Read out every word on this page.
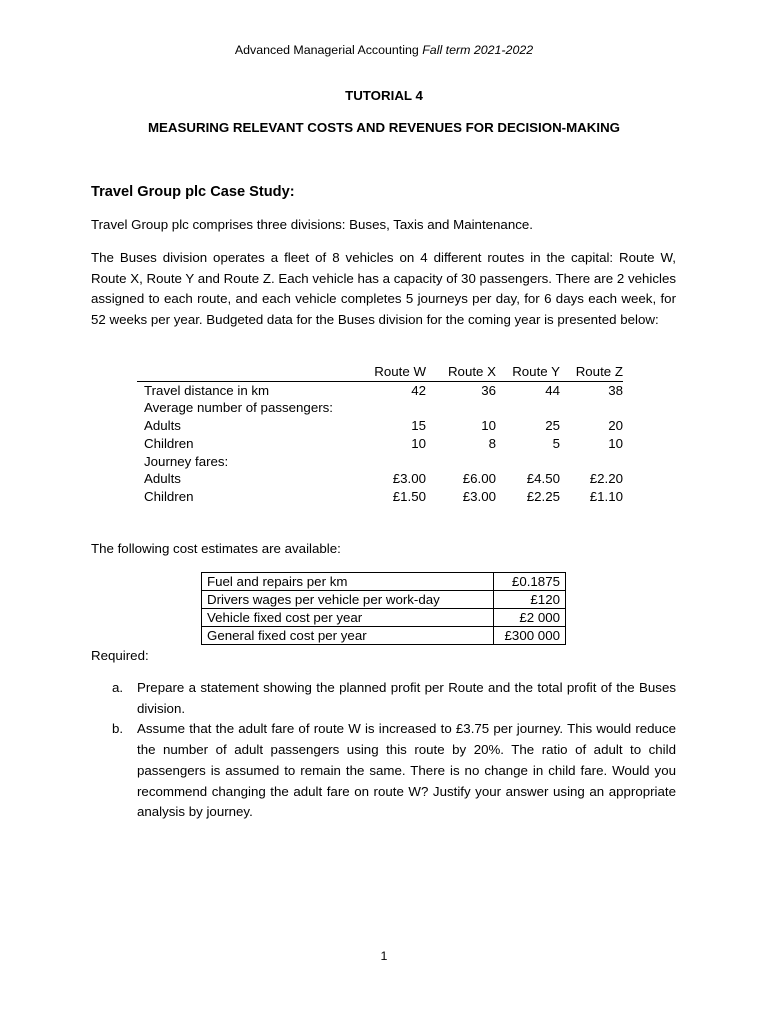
Advanced Managerial Accounting Fall term 2021-2022
TUTORIAL 4
MEASURING RELEVANT COSTS AND REVENUES FOR DECISION-MAKING
Travel Group plc Case Study:
Travel Group plc comprises three divisions: Buses, Taxis and Maintenance.
The Buses division operates a fleet of 8 vehicles on 4 different routes in the capital: Route W, Route X, Route Y and Route Z. Each vehicle has a capacity of 30 passengers. There are 2 vehicles assigned to each route, and each vehicle completes 5 journeys per day, for 6 days each week, for 52 weeks per year. Budgeted data for the Buses division for the coming year is presented below:
	Route W	Route X	Route Y	Route Z
Travel distance in km	42	36	44	38
Average number of passengers:				
Adults	15	10	25	20
Children	10	8	5	10
Journey fares:				
Adults	£3.00	£6.00	£4.50	£2.20
Children	£1.50	£3.00	£2.25	£1.10
The following cost estimates are available:
Fuel and repairs per km	£0.1875
Drivers wages per vehicle per work-day	£120
Vehicle fixed cost per year	£2 000
General fixed cost per year	£300 000
Required:
a. Prepare a statement showing the planned profit per Route and the total profit of the Buses division.
b. Assume that the adult fare of route W is increased to £3.75 per journey. This would reduce the number of adult passengers using this route by 20%. The ratio of adult to child passengers is assumed to remain the same. There is no change in child fare. Would you recommend changing the adult fare on route W? Justify your answer using an appropriate analysis by journey.
1
